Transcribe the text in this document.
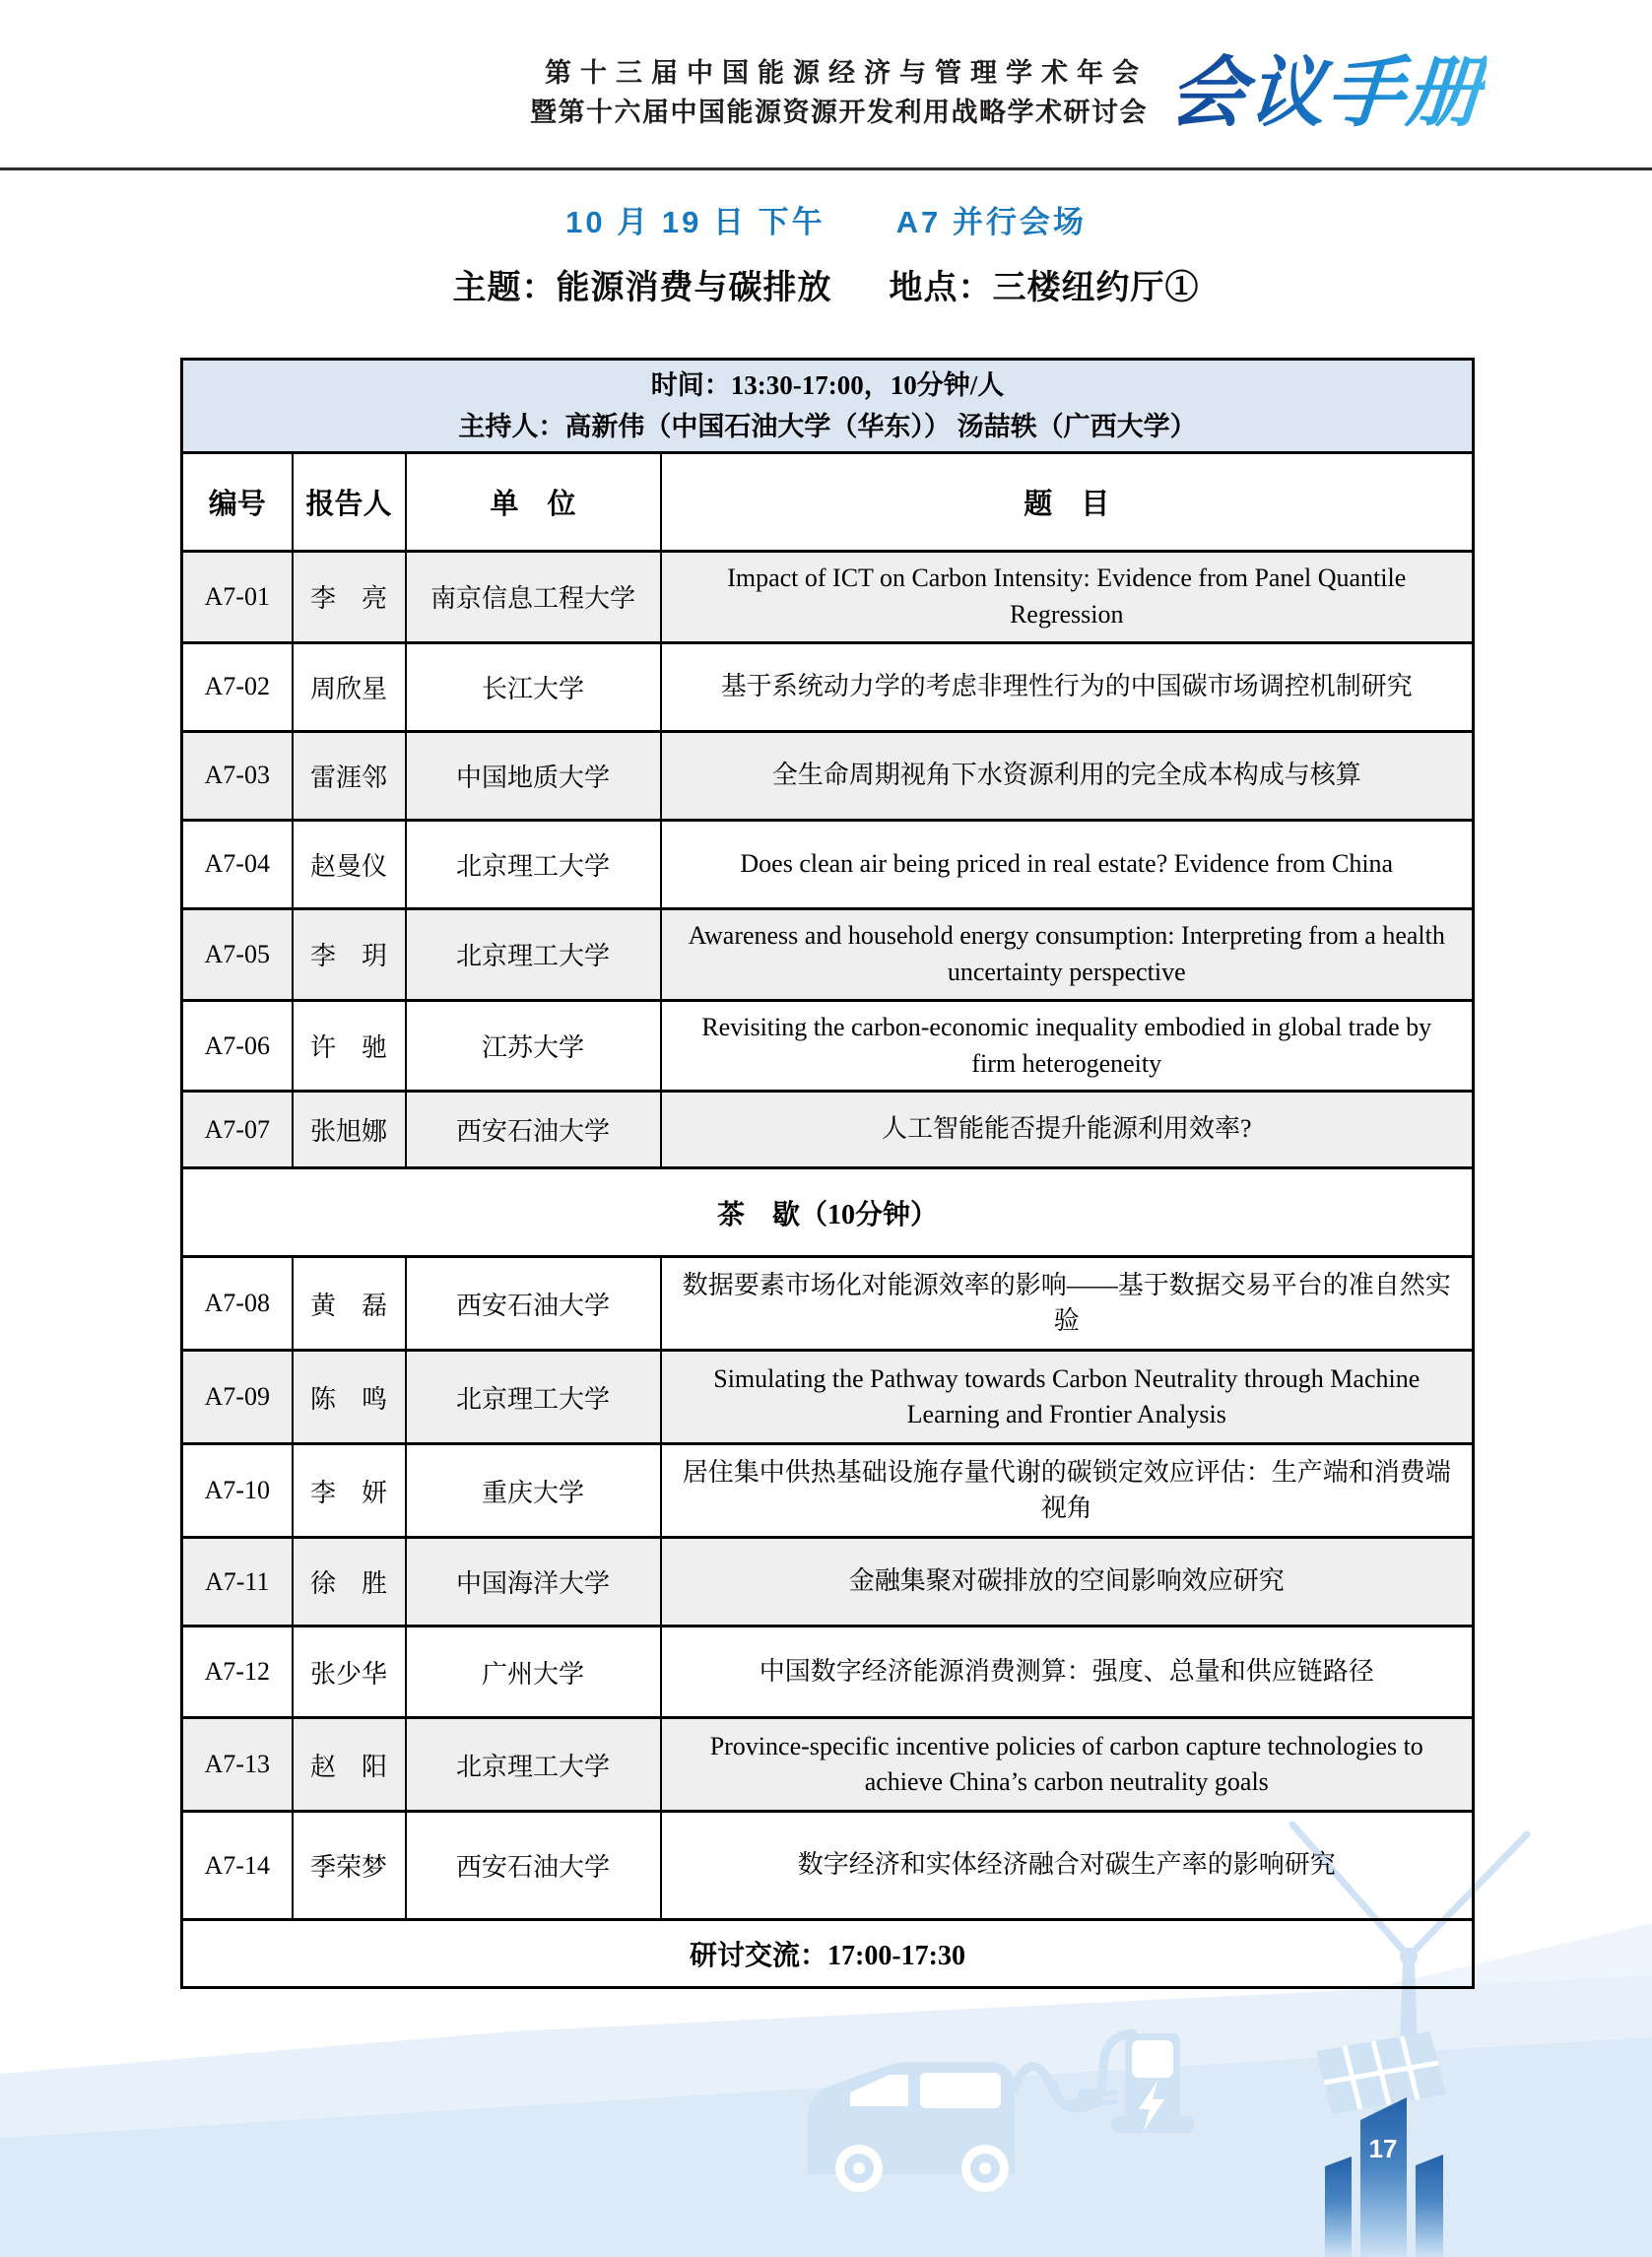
第十三届中国能源经济与管理学术年会
暨第十六届中国能源资源开发利用战略学术研讨会 会议手册
10 月 19 日 下午 A7 并行会场
主题：能源消费与碳排放 地点：三楼纽约厅①
时间：13:30-17:00，10分钟/人
主持人：高新伟（中国石油大学（华东）） 汤喆轶（广西大学）			

编号	报告人	单　位	题　目
A7-01	李　亮	南京信息工程大学	Impact of ICT on Carbon Intensity: Evidence from Panel Quantile Regression
A7-02	周欣星	长江大学	基于系统动力学的考虑非理性行为的中国碳市场调控机制研究
A7-03	雷涯邻	中国地质大学	全生命周期视角下水资源利用的完全成本构成与核算
A7-04	赵曼仪	北京理工大学	Does clean air being priced in real estate? Evidence from China
A7-05	李　玥	北京理工大学	Awareness and household energy consumption: Interpreting from a health uncertainty perspective
A7-06	许　驰	江苏大学	Revisiting the carbon-economic inequality embodied in global trade by firm heterogeneity
A7-07	张旭娜	西安石油大学	人工智能能否提升能源利用效率?
茶　歇（10分钟）			
A7-08	黄　磊	西安石油大学	数据要素市场化对能源效率的影响——基于数据交易平台的准自然实验
A7-09	陈　鸣	北京理工大学	Simulating the Pathway towards Carbon Neutrality through Machine Learning and Frontier Analysis
A7-10	李　妍	重庆大学	居住集中供热基础设施存量代谢的碳锁定效应评估：生产端和消费端视角
A7-11	徐　胜	中国海洋大学	金融集聚对碳排放的空间影响效应研究
A7-12	张少华	广州大学	中国数字经济能源消费测算：强度、总量和供应链路径
A7-13	赵　阳	北京理工大学	Province-specific incentive policies of carbon capture technologies to achieve China’s carbon neutrality goals
A7-14	季荣梦	西安石油大学	数字经济和实体经济融合对碳生产率的影响研究
研讨交流：17:00-17:30			
17
